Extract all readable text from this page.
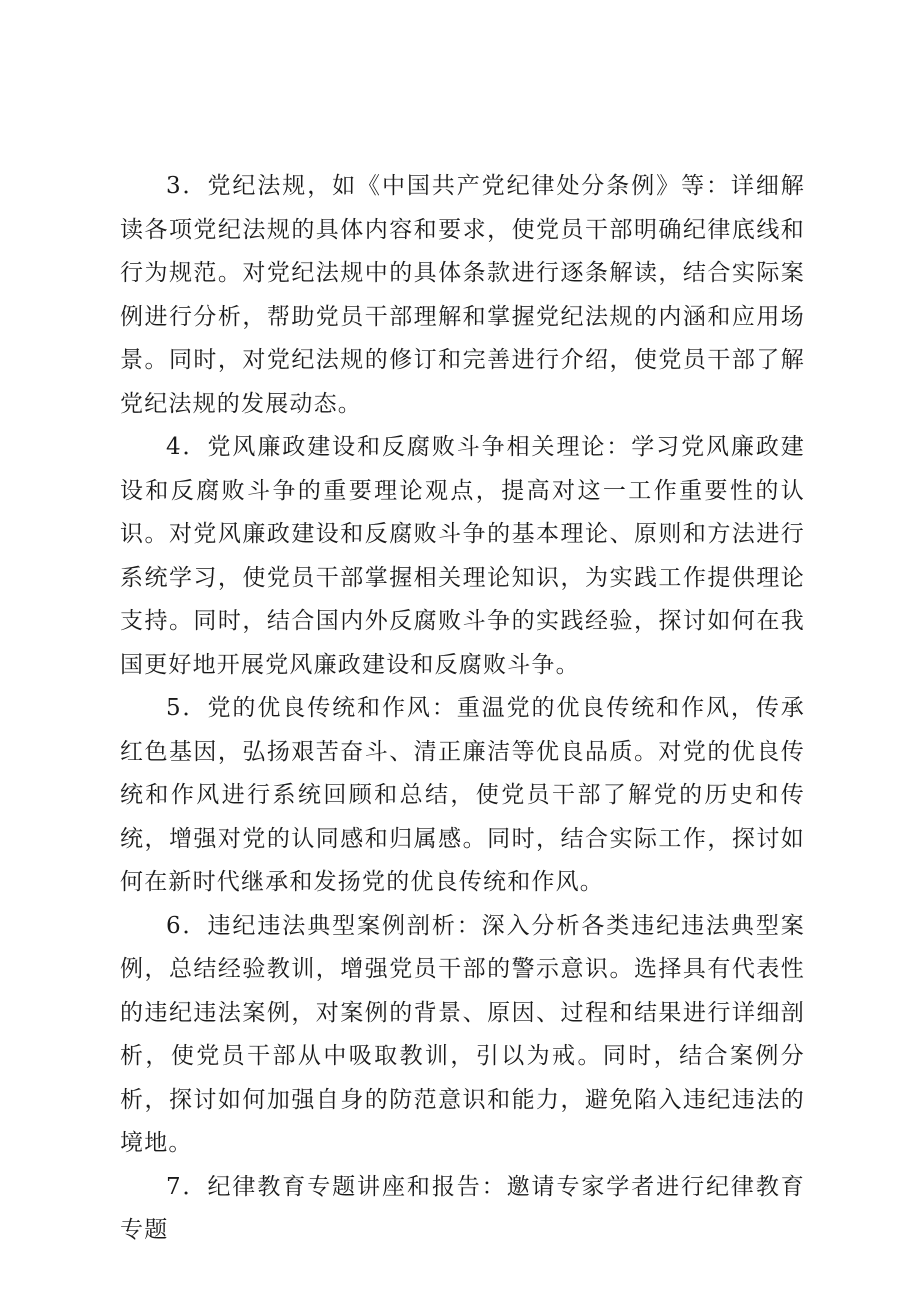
3．党纪法规，如《中国共产党纪律处分条例》等：详细解读各项党纪法规的具体内容和要求，使党员干部明确纪律底线和行为规范。对党纪法规中的具体条款进行逐条解读，结合实际案例进行分析，帮助党员干部理解和掌握党纪法规的内涵和应用场景。同时，对党纪法规的修订和完善进行介绍，使党员干部了解党纪法规的发展动态。

4．党风廉政建设和反腐败斗争相关理论：学习党风廉政建设和反腐败斗争的重要理论观点，提高对这一工作重要性的认识。对党风廉政建设和反腐败斗争的基本理论、原则和方法进行系统学习，使党员干部掌握相关理论知识，为实践工作提供理论支持。同时，结合国内外反腐败斗争的实践经验，探讨如何在我国更好地开展党风廉政建设和反腐败斗争。

5．党的优良传统和作风：重温党的优良传统和作风，传承红色基因，弘扬艰苦奋斗、清正廉洁等优良品质。对党的优良传统和作风进行系统回顾和总结，使党员干部了解党的历史和传统，增强对党的认同感和归属感。同时，结合实际工作，探讨如何在新时代继承和发扬党的优良传统和作风。

6．违纪违法典型案例剖析：深入分析各类违纪违法典型案例，总结经验教训，增强党员干部的警示意识。选择具有代表性的违纪违法案例，对案例的背景、原因、过程和结果进行详细剖析，使党员干部从中吸取教训，引以为戒。同时，结合案例分析，探讨如何加强自身的防范意识和能力，避免陷入违纪违法的境地。

7．纪律教育专题讲座和报告：邀请专家学者进行纪律教育专题
